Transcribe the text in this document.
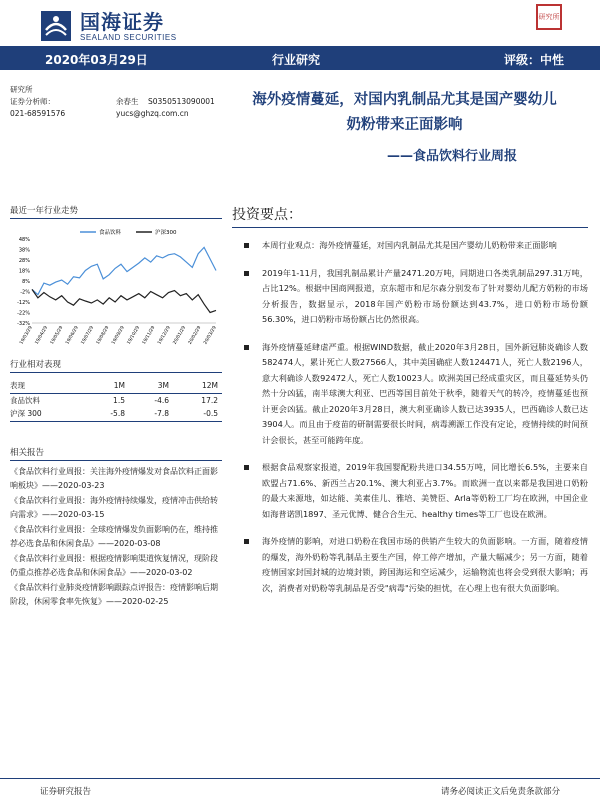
国海证券
SEALAND SECURITIES
研究所
2020年03月29日	行业研究	评级：中性
研究所
证券分析师：	余春生 S0350513090001
021-68591576	yucs@ghzq.com.cn
海外疫情蔓延，对国内乳制品尤其是国产婴幼儿
奶粉带来正面影响
——食品饮料行业周报
最近一年行业走势
48%
38%
28%
18%
8%
-2%
-12%
-22%
-32%
19/03/29 19/04/29 19/05/29 19/06/29 19/07/29 19/08/29 19/09/29 19/10/29 19/11/29 19/12/29 20/01/29 20/02/29 20/03/29
食品饮料	沪深300
行业相对表现
表现	1M	3M	12M
食品饮料	1.5	-4.6	17.2
沪深 300	-5.8	-7.8	-0.5
相关报告
《食品饮料行业周报：关注海外疫情爆发对食品饮料正面影响板块》——2020-03-23
《食品饮料行业周报：海外疫情持续爆发，疫情冲击供给转向需求》——2020-03-15
《食品饮料行业周报：全球疫情爆发负面影响仍在，维持推荐必选食品和休闲食品》——2020-03-08
《食品饮料行业周报：根据疫情影响渠道恢复情况，现阶段仍重点推荐必选食品和休闲食品》——2020-03-02
《食品饮料行业肺炎疫情影响跟踪点评报告：疫情影响后期阶段，休闲零食率先恢复》——2020-02-25
投资要点：
本周行业观点：海外疫情蔓延，对国内乳制品尤其是国产婴幼儿奶粉带来正面影响
2019年1-11月，我国乳制品累计产量2471.20万吨，同期进口各类乳制品297.31万吨，占比12%。根据中国商网报道，京东超市和尼尔森分别发布了针对婴幼儿配方奶粉的市场分析报告，数据显示，2018年国产奶粉市场份额达到43.7%，进口奶粉市场份额56.30%，进口奶粉市场份额占比仍然很高。
海外疫情蔓延肆虐严重。根据WIND数据，截止2020年3月28日，国外新冠肺炎确诊人数582474人，累计死亡人数27566人，其中美国确症人数124471人，死亡人数2196人，意大利确诊人数92472人，死亡人数10023人。欧洲美国已经成重灾区，而且蔓延势头仍然十分凶猛，南半球澳大利亚、巴西等国目前处于秋季，随着天气的转冷，疫情蔓延也预计更会凶猛。截止2020年3月28日，澳大利亚确诊人数已达3935人，巴西确诊人数已达3904人。而且由于疫苗的研制需要很长时间，病毒溯源工作没有定论，疫情持续的时间预计会很长，甚至可能跨年度。
根据食品观察家报道，2019年我国婴配粉共进口34.55万吨，同比增长6.5%，主要来自欧盟占71.6%、新西兰占20.1%、澳大利亚占3.7%。而欧洲一直以来都是我国进口奶粉的最大来源地，如达能、美素佳儿、雅培、美赞臣、Arla等奶粉工厂均在欧洲，中国企业如海普诺凯1897、圣元优博、健合合生元、healthy times等工厂也设在欧洲。
海外疫情的影响，对进口奶粉在我国市场的供销产生较大的负面影响。一方面，随着疫情的爆发，海外奶粉等乳制品主要生产国，停工停产增加，产量大幅减少；另一方面，随着疫情国家封国封城的边境封锁，跨国海运和空运减少，运输物流也将会受到很大影响；再次，消费者对奶粉等乳制品是否受"病毒"污染的担忧，在心理上也有很大负面影响。
证券研究报告	请务必阅读正文后免责条款部分
